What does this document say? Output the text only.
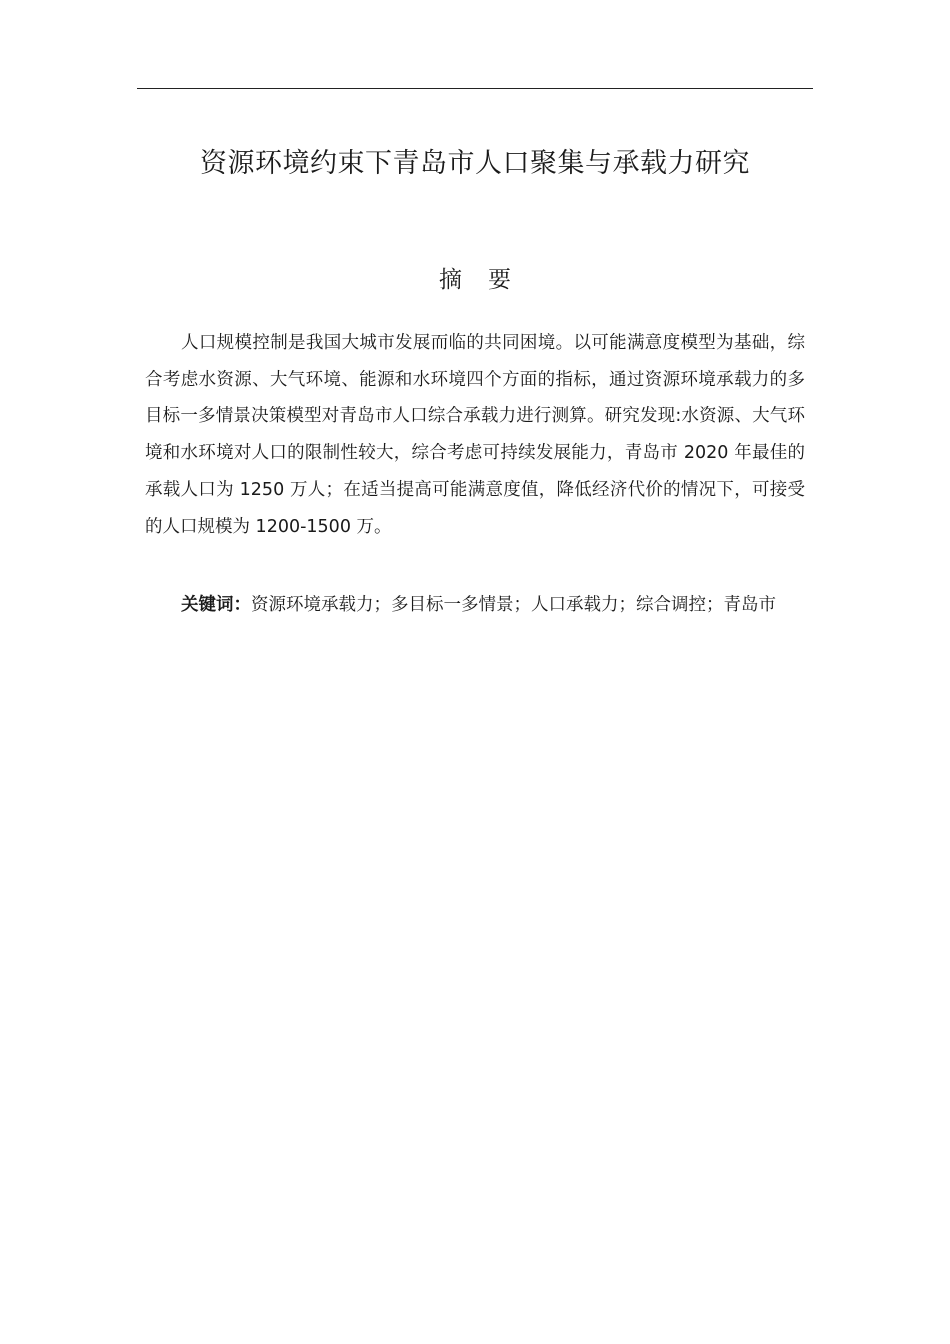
资源环境约束下青岛市人口聚集与承载力研究
摘 要

人口规模控制是我国大城市发展而临的共同困境。以可能满意度模型为基础，综合考虑水资源、大气环境、能源和水环境四个方面的指标，通过资源环境承载力的多目标一多情景决策模型对青岛市人口综合承载力进行测算。研究发现:水资源、大气环境和水环境对人口的限制性较大，综合考虑可持续发展能力，青岛市 2020 年最佳的承载人口为 1250 万人；在适当提高可能满意度值，降低经济代价的情况下，可接受的人口规模为 1200-1500 万。

关键词：资源环境承载力；多目标一多情景；人口承载力；综合调控；青岛市
